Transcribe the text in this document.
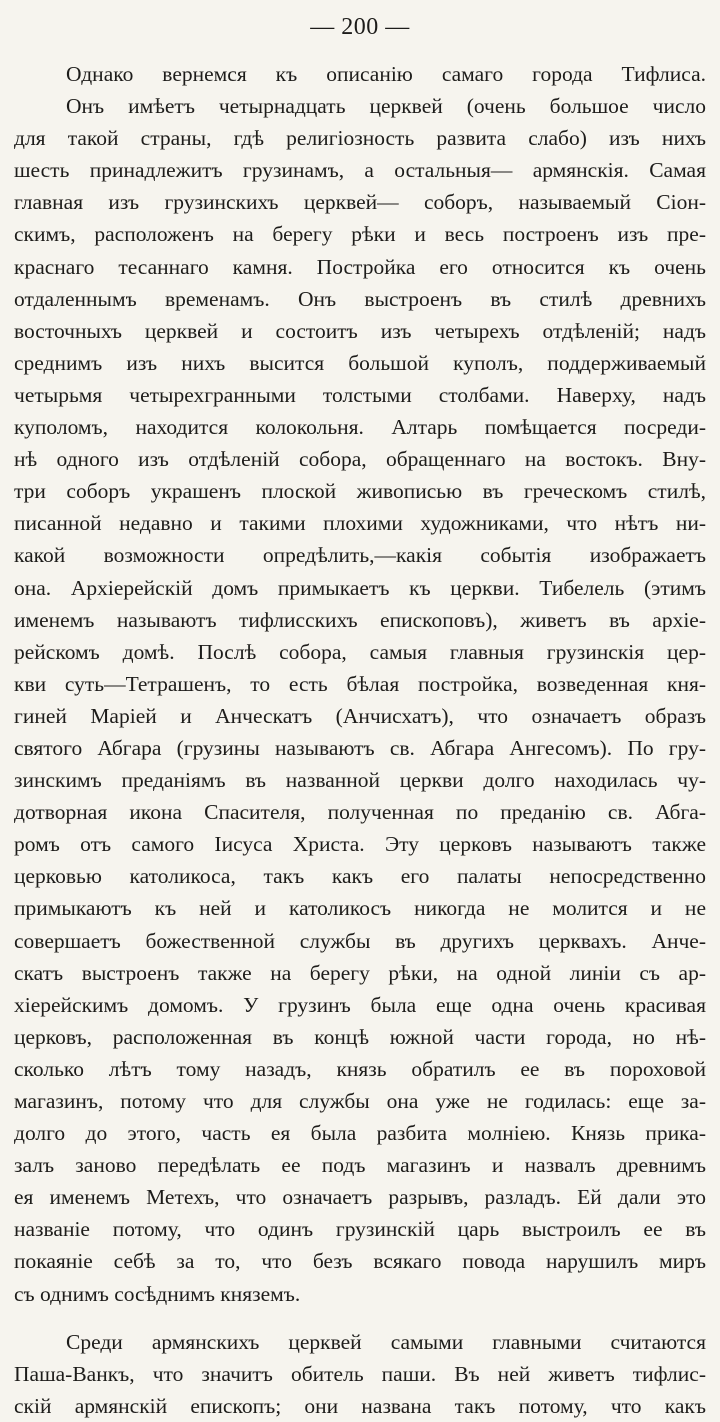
— 200 —
Однако вернемся къ описанію самаго города Тифлиса.
Онъ имѣетъ четырнадцать церквей (очень большое число
для такой страны, гдѣ религіозность развита слабо) изъ нихъ
шесть принадлежитъ грузинамъ, а остальныя— армянскія. Самая
главная изъ грузинскихъ церквей— соборъ, называемый Сіон-
скимъ, расположенъ на берегу рѣки и весь построенъ изъ пре-
краснаго тесаннаго камня. Постройка его относится къ очень
отдаленнымъ временамъ. Онъ выстроенъ въ стилѣ древнихъ
восточныхъ церквей и состоитъ изъ четырехъ отдѣленій; надъ
среднимъ изъ нихъ высится большой куполъ, поддерживаемый
четырьмя четырехгранными толстыми столбами. Наверху, надъ
куполомъ, находится колокольня. Алтарь помѣщается посреди-
нѣ одного изъ отдѣленій собора, обращеннаго на востокъ. Вну-
три соборъ украшенъ плоской живописью въ греческомъ стилѣ,
писанной недавно и такими плохими художниками, что нѣтъ ни-
какой возможности опредѣлить,—какія событія изображаетъ
она. Архіерейскій домъ примыкаетъ къ церкви. Тибелель (этимъ
именемъ называютъ тифлисскихъ епископовъ), живетъ въ архіе-
рейскомъ домѣ. Послѣ собора, самыя главныя грузинскія цер-
кви суть—Тетрашенъ, то есть бѣлая постройка, возведенная кня-
гиней Маріей и Анческатъ (Анчисхатъ), что означаетъ образъ
святого Абгара (грузины называютъ св. Абгара Ангесомъ). По гру-
зинскимъ преданіямъ въ названной церкви долго находилась чу-
дотворная икона Спасителя, полученная по преданію св. Абга-
ромъ отъ самого Іисуса Христа. Эту церковъ называютъ также
церковью католикоса, такъ какъ его палаты непосредственно
примыкаютъ къ ней и католикосъ никогда не молится и не
совершаетъ божественной службы въ другихъ церквахъ. Анче-
скатъ выстроенъ также на берегу рѣки, на одной линіи съ ар-
хіерейскимъ домомъ. У грузинъ была еще одна очень красивая
церковъ, расположенная въ концѣ южной части города, но нѣ-
сколько лѣтъ тому назадъ, князь обратилъ ее въ пороховой
магазинъ, потому что для службы она уже не годилась: еще за-
долго до этого, часть ея была разбита молніею. Князь прика-
залъ заново передѣлать ее подъ магазинъ и назвалъ древнимъ
ея именемъ Метехъ, что означаетъ разрывъ, разладъ. Ей дали это
названіе потому, что одинъ грузинскій царь выстроилъ ее въ
покаяніе себѣ за то, что безъ всякаго повода нарушилъ миръ
съ однимъ сосѣднимъ княземъ.
Среди армянскихъ церквей самыми главными считаются
Паша-Ванкъ, что значитъ обитель паши. Въ ней живетъ тифлис-
скій армянскій епископъ; они названа такъ потому, что какъ
